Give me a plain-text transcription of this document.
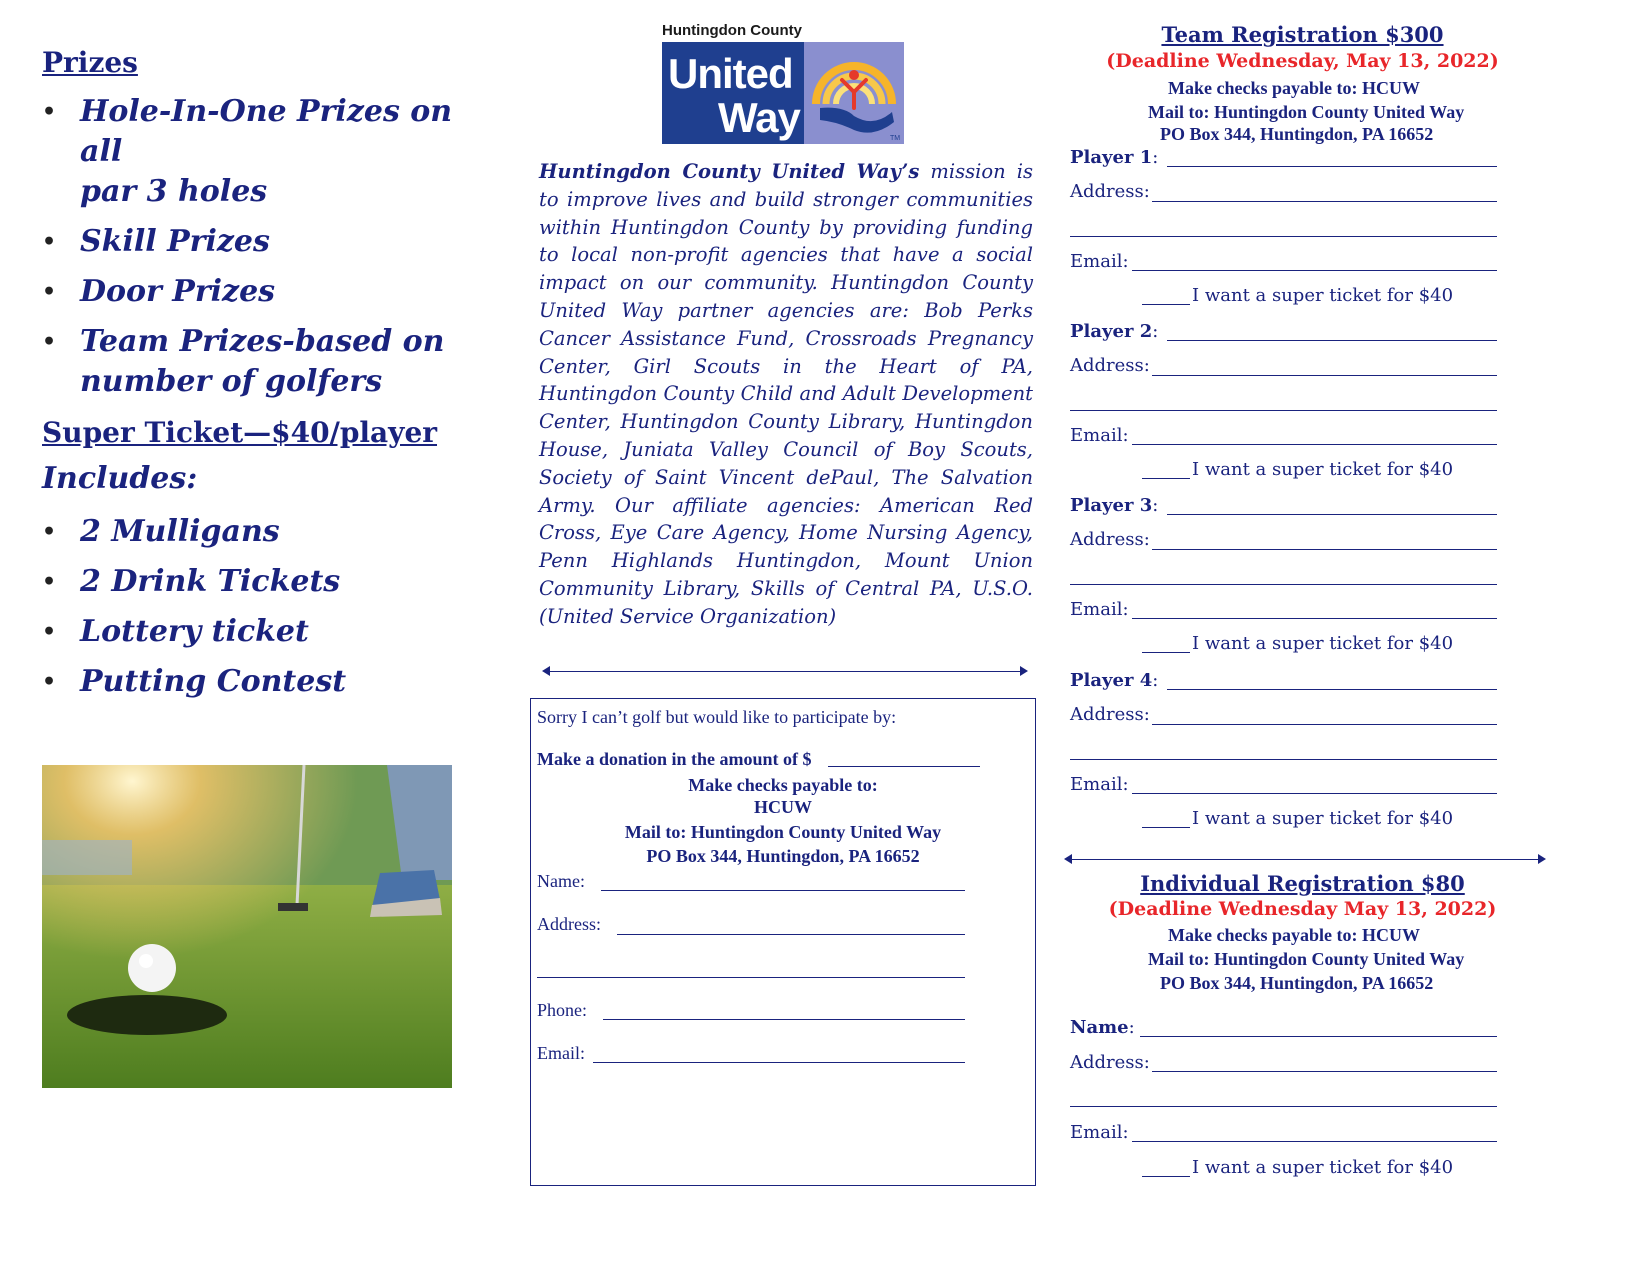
Prizes
• Hole-In-One Prizes on all
par 3 holes
• Skill Prizes
• Door Prizes
• Team Prizes-based on
number of golfers
Super Ticket—$40/player
Includes:
• 2 Mulligans
• 2 Drink Tickets
• Lottery ticket
• Putting Contest
Huntingdon County
United
Way	TM
Huntingdon County United Way’s mission is to improve lives and build stronger communities within Huntingdon County by providing funding to local non-profit agencies that have a social impact on our community. Huntingdon County United Way partner agencies are: Bob Perks Cancer Assistance Fund, Crossroads Pregnancy Center, Girl Scouts in the Heart of PA, Huntingdon County Child and Adult Development Center, Huntingdon County Library, Huntingdon House, Juniata Valley Council of Boy Scouts, Society of Saint Vincent dePaul, The Salvation Army. Our affiliate agencies: American Red Cross, Eye Care Agency, Home Nursing Agency, Penn Highlands Huntingdon, Mount Union Community Library, Skills of Central PA, U.S.O. (United Service Organization)
Sorry I can’t golf but would like to participate by:
Make a donation in the amount of $
Make checks payable to:
HCUW
Mail to: Huntingdon County United Way
PO Box 344, Huntingdon, PA 16652
Name:
Address:
Phone:
Email:
Team Registration $300
(Deadline Wednesday, May 13, 2022)
Make checks payable to: HCUW
Mail to: Huntingdon County United Way
PO Box 344, Huntingdon, PA 16652
Player 1:
Address:
Email:
I want a super ticket for $40
Player 2:
Address:
Email:
I want a super ticket for $40
Player 3:
Address:
Email:
I want a super ticket for $40
Player 4:
Address:
Email:
I want a super ticket for $40
Individual Registration $80
(Deadline Wednesday May 13, 2022)
Make checks payable to: HCUW
Mail to: Huntingdon County United Way
PO Box 344, Huntingdon, PA 16652
Name:
Address:
Email:
I want a super ticket for $40
